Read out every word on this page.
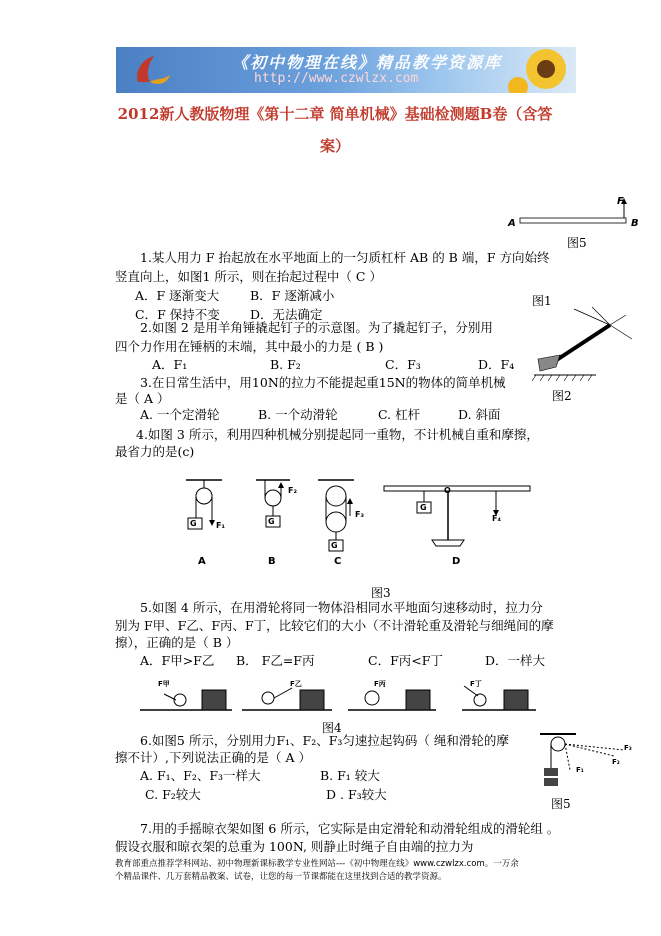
《初中物理在线》精品教学资源库
http://www.czwlzx.com
2012新人教版物理《第十二章 简单机械》基础检测题B卷（含答
案）
A	B
F
图5
1.某人用力 F 抬起放在水平地面上的一匀质杠杆 AB 的 B 端，F 方向始终
竖直向上，如图1 所示，则在抬起过程中（ C ）
A．F 逐渐变大 B．F 逐渐减小
C．F 保持不变 D．无法确定
图1
2.如图 2 是用羊角锤撬起钉子的示意图。为了撬起钉子，分别用
四个力作用在锤柄的末端，其中最小的力是 ( B )
A．F₁	B. F₂	C．F₃	D．F₄
3.在日常生活中，用10N的拉力不能提起重15N的物体的简单机械
是（ A ）	图2
A. 一个定滑轮	B. 一个动滑轮	C. 杠杆	D. 斜面
4.如图 3 所示，利用四种机械分别提起同一重物，不计机械自重和摩擦，
最省力的是(c)
G	G
G
G
F₁
F₂
F₃	F₄
O
A	B	C	D
图3
5.如图 4 所示，在用滑轮将同一物体沿相同水平地面匀速移动时，拉力分
别为 F甲、F乙、F丙、F丁，比较它们的大小（不计滑轮重及滑轮与细绳间的摩
擦），正确的是（ B ）
A．F甲>F乙 B． F乙=F丙	C．F丙<F丁	D．一样大
F甲	F乙	F丙	F丁
图4
F₁
F₂
F₃
图5
6.如图5 所示，分别用力F₁、F₂、F₃匀速拉起钩码（ 绳和滑轮的摩
擦不计）,下列说法正确的是（ A ）
A. F₁、F₂、F₃一样大	B. F₁ 较大
C. F₂较大	D . F₃较大
7.用的手摇晾衣架如图 6 所示，它实际是由定滑轮和动滑轮组成的滑轮组 。
假设衣服和晾衣架的总重为 100N, 则静止时绳子自由端的拉力为
教育部重点推荐学科网站、初中物理新课标教学专业性网站---《初中物理在线》www.czwlzx.com。一万余
个精品课件、几万套精品教案、试卷，让您的每一节课都能在这里找到合适的教学资源。
